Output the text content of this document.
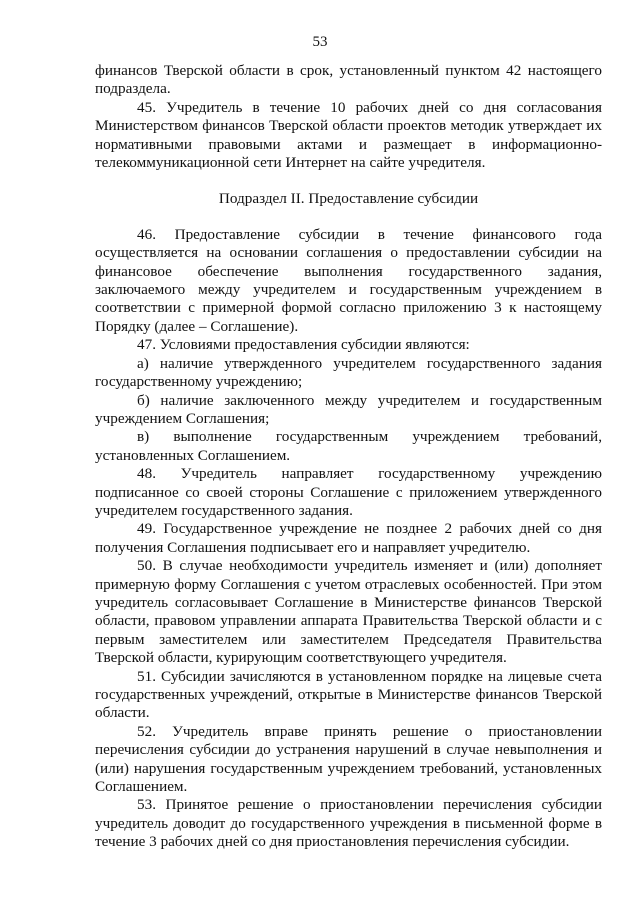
53

финансов Тверской области в срок, установленный пунктом 42 настоящего подраздела.

45. Учредитель в течение 10 рабочих дней со дня согласования Министерством финансов Тверской области проектов методик утверждает их нормативными правовыми актами и размещает в информационно-телекоммуникационной сети Интернет на сайте учредителя.

Подраздел II. Предоставление субсидии

46. Предоставление субсидии в течение финансового года осуществляется на основании соглашения о предоставлении субсидии на финансовое обеспечение выполнения государственного задания, заключаемого между учредителем и государственным учреждением в соответствии с примерной формой согласно приложению 3 к настоящему Порядку (далее – Соглашение).

47. Условиями предоставления субсидии являются:

а) наличие утвержденного учредителем государственного задания государственному учреждению;

б) наличие заключенного между учредителем и государственным учреждением Соглашения;

в) выполнение государственным учреждением требований, установленных Соглашением.

48. Учредитель направляет государственному учреждению подписанное со своей стороны Соглашение с приложением утвержденного учредителем государственного задания.

49. Государственное учреждение не позднее 2 рабочих дней со дня получения Соглашения подписывает его и направляет учредителю.

50. В случае необходимости учредитель изменяет и (или) дополняет примерную форму Соглашения с учетом отраслевых особенностей. При этом учредитель согласовывает Соглашение в Министерстве финансов Тверской области, правовом управлении аппарата Правительства Тверской области и с первым заместителем или заместителем Председателя Правительства Тверской области, курирующим соответствующего учредителя.

51. Субсидии зачисляются в установленном порядке на лицевые счета государственных учреждений, открытые в Министерстве финансов Тверской области.

52. Учредитель вправе принять решение о приостановлении перечисления субсидии до устранения нарушений в случае невыполнения и (или) нарушения государственным учреждением требований, установленных Соглашением.

53. Принятое решение о приостановлении перечисления субсидии учредитель доводит до государственного учреждения в письменной форме в течение 3 рабочих дней со дня приостановления перечисления субсидии.
